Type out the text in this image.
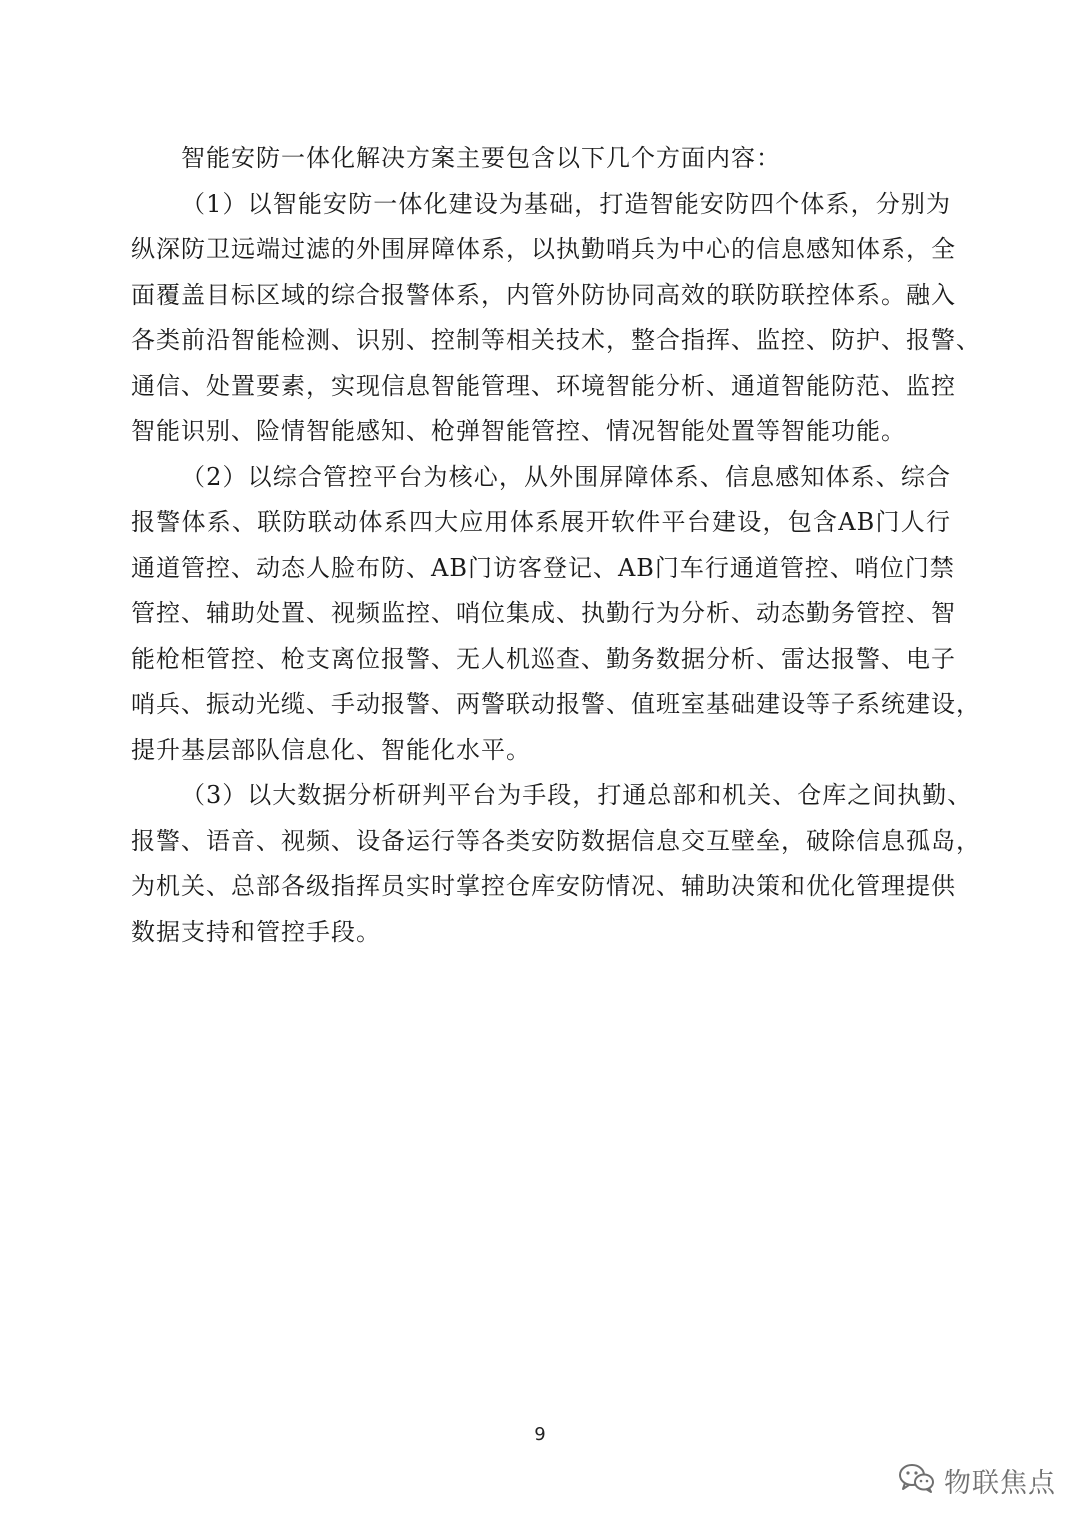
智能安防一体化解决方案主要包含以下几个方面内容：
（1）以智能安防一体化建设为基础，打造智能安防四个体系，分别为
纵深防卫远端过滤的外围屏障体系，以执勤哨兵为中心的信息感知体系，全
面覆盖目标区域的综合报警体系，内管外防协同高效的联防联控体系。融入
各类前沿智能检测、识别、控制等相关技术，整合指挥、监控、防护、报警、
通信、处置要素，实现信息智能管理、环境智能分析、通道智能防范、监控
智能识别、险情智能感知、枪弹智能管控、情况智能处置等智能功能。
（2）以综合管控平台为核心，从外围屏障体系、信息感知体系、综合
报警体系、联防联动体系四大应用体系展开软件平台建设，包含AB门人行
通道管控、动态人脸布防、AB门访客登记、AB门车行通道管控、哨位门禁
管控、辅助处置、视频监控、哨位集成、执勤行为分析、动态勤务管控、智
能枪柜管控、枪支离位报警、无人机巡查、勤务数据分析、雷达报警、电子
哨兵、振动光缆、手动报警、两警联动报警、值班室基础建设等子系统建设，
提升基层部队信息化、智能化水平。
（3）以大数据分析研判平台为手段，打通总部和机关、仓库之间执勤、
报警、语音、视频、设备运行等各类安防数据信息交互壁垒，破除信息孤岛，
为机关、总部各级指挥员实时掌控仓库安防情况、辅助决策和优化管理提供
数据支持和管控手段。
9
物联焦点
